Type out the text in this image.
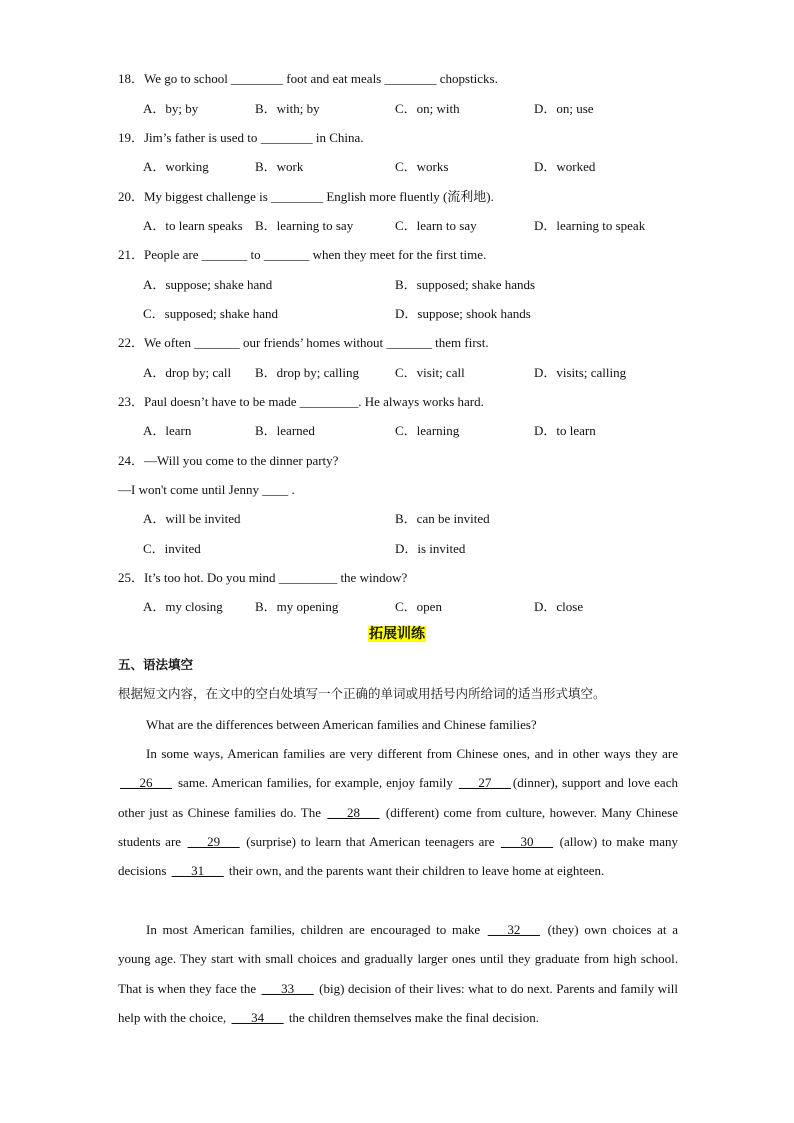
18．We go to school ________ foot and eat meals ________ chopsticks.
A．by; by	B．with; by	C．on; with	D．on; use
19．Jim’s father is used to ________ in China.
A．working	B．work	C．works	D．worked
20．My biggest challenge is ________ English more fluently (流利地).
A．to learn speaks B．learning to say	C．learn to say	D．learning to speak
21．People are _______ to _______ when they meet for the first time.
A．suppose; shake hand	B．supposed; shake hands
C．supposed; shake hand	D．suppose; shook hands
22．We often _______ our friends’ homes without _______ them first.
A．drop by; call B．drop by; calling	C．visit; call	D．visits; calling
23．Paul doesn’t have to be made _________. He always works hard.
A．learn	B．learned	C．learning	D．to learn
24．—Will you come to the dinner party?
—I won't come until Jenny ____ .
A．will be invited	B．can be invited
C．invited	D．is invited
25．It’s too hot. Do you mind _________ the window?
A．my closing B．my opening	C．open	D．close
拓展训练
五、语法填空
根据短文内容，在文中的空白处填写一个正确的单词或用括号内所给词的适当形式填空。
What are the differences between American families and Chinese families?
In some ways, American families are very different from Chinese ones, and in other ways they are ___26___ same. American families, for example, enjoy family ___27___ (dinner), support and love each other just as Chinese families do. The ___28___ (different) come from culture, however. Many Chinese students are ___29___ (surprise) to learn that American teenagers are ___30___ (allow) to make many decisions ___31___ their own, and the parents want their children to leave home at eighteen.
In most American families, children are encouraged to make ___32___ (they) own choices at a young age. They start with small choices and gradually larger ones until they graduate from high school. That is when they face the ___33___ (big) decision of their lives: what to do next. Parents and family will help with the choice, ___34___ the children themselves make the final decision.
